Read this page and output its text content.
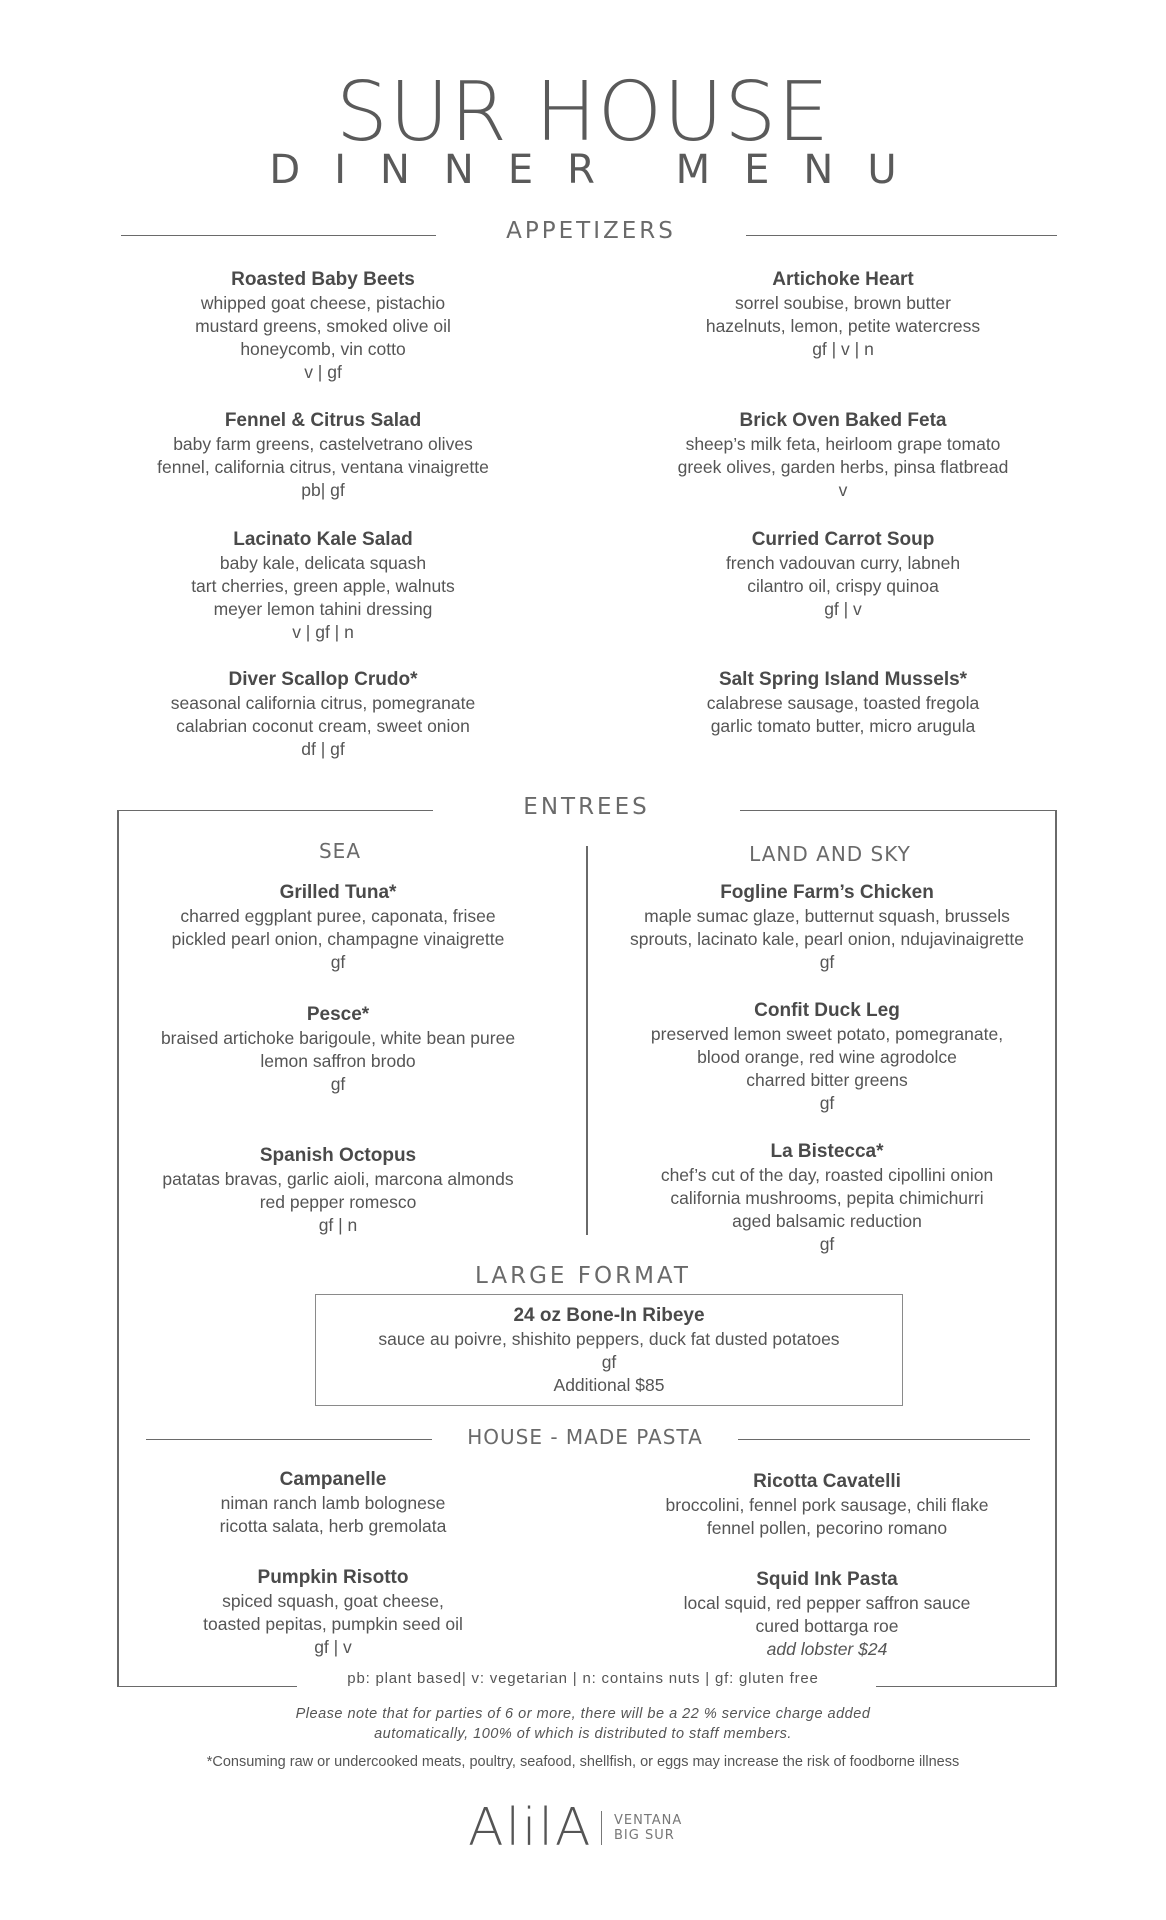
SUR HOUSE
DINNER MENU
APPETIZERS
Roasted Baby Beets
whipped goat cheese, pistachio
mustard greens, smoked olive oil
honeycomb, vin cotto
v | gf
Artichoke Heart
sorrel soubise, brown butter
hazelnuts, lemon, petite watercress
gf | v | n
Fennel & Citrus Salad
baby farm greens, castelvetrano olives
fennel, california citrus, ventana vinaigrette
pb| gf
Brick Oven Baked Feta
sheep’s milk feta, heirloom grape tomato
greek olives, garden herbs, pinsa flatbread
v
Lacinato Kale Salad
baby kale, delicata squash
tart cherries, green apple, walnuts
meyer lemon tahini dressing
v | gf | n
Curried Carrot Soup
french vadouvan curry, labneh
cilantro oil, crispy quinoa
gf | v
Diver Scallop Crudo*
seasonal california citrus, pomegranate
calabrian coconut cream, sweet onion
df | gf
Salt Spring Island Mussels*
calabrese sausage, toasted fregola
garlic tomato butter, micro arugula
ENTREES
SEA	LAND AND SKY
Grilled Tuna*
charred eggplant puree, caponata, frisee
pickled pearl onion, champagne vinaigrette
gf
Pesce*
braised artichoke barigoule, white bean puree
lemon saffron brodo
gf
Spanish Octopus
patatas bravas, garlic aioli, marcona almonds
red pepper romesco
gf | n
Fogline Farm’s Chicken
maple sumac glaze, butternut squash, brussels
sprouts, lacinato kale, pearl onion, ndujavinaigrette
gf
Confit Duck Leg
preserved lemon sweet potato, pomegranate,
blood orange, red wine agrodolce
charred bitter greens
gf
La Bistecca*
chef’s cut of the day, roasted cipollini onion
california mushrooms, pepita chimichurri
aged balsamic reduction
gf
LARGE FORMAT
24 oz Bone-In Ribeye
sauce au poivre, shishito peppers, duck fat dusted potatoes
gf
Additional $85
HOUSE - MADE PASTA
Campanelle
niman ranch lamb bolognese
ricotta salata, herb gremolata
Ricotta Cavatelli
broccolini, fennel pork sausage, chili flake
fennel pollen, pecorino romano
Pumpkin Risotto
spiced squash, goat cheese,
toasted pepitas, pumpkin seed oil
gf | v
Squid Ink Pasta
local squid, red pepper saffron sauce
cured bottarga roe
add lobster $24
pb: plant based| v: vegetarian | n: contains nuts | gf: gluten free
Please note that for parties of 6 or more, there will be a 22 % service charge added
automatically, 100% of which is distributed to staff members.
*Consuming raw or undercooked meats, poultry, seafood, shellfish, or eggs may increase the risk of foodborne illness
AlilA VENTANA
BIG SUR
